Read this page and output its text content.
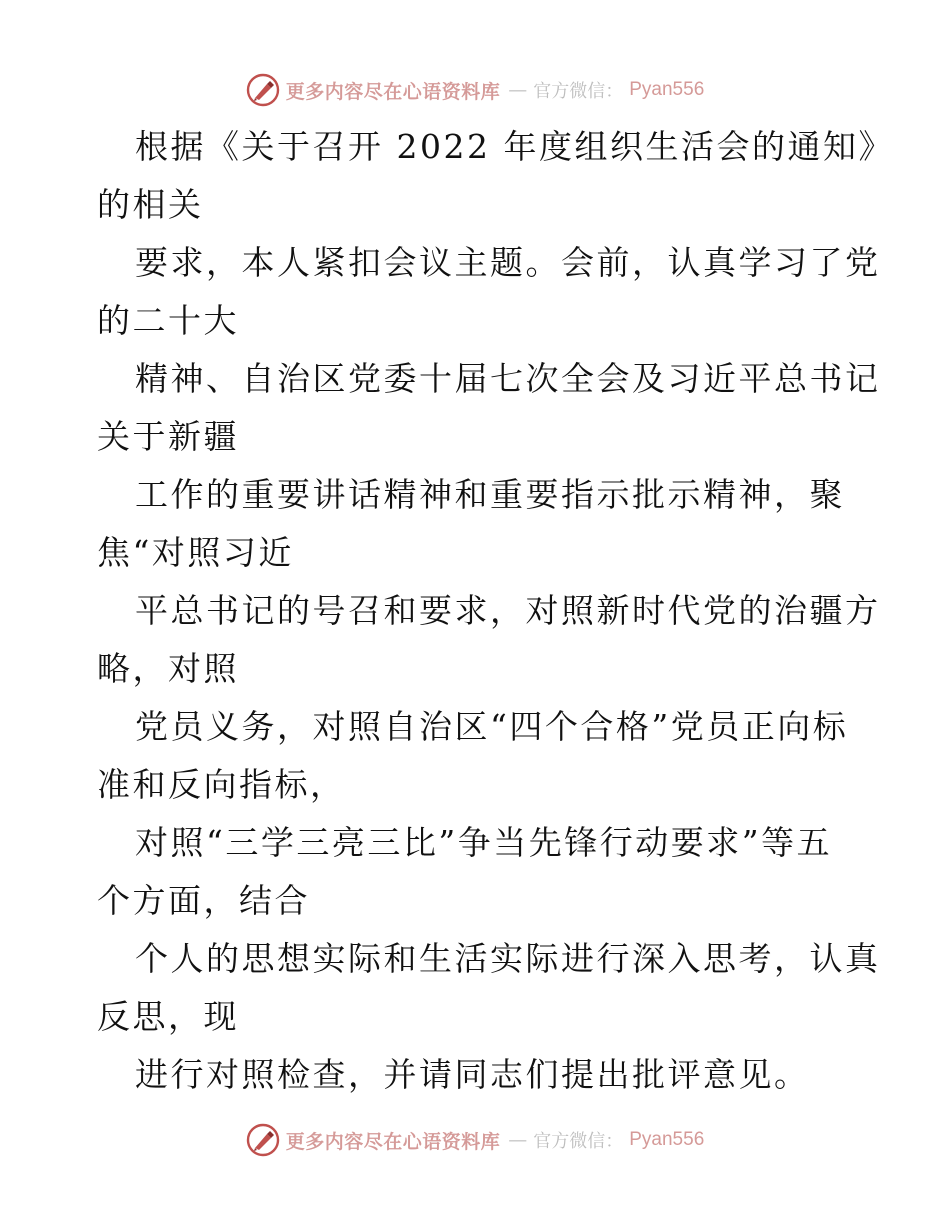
更多内容尽在心语资料库 — 官方微信： Pyan556

根据《关于召开 2022 年度组织生活会的通知》
的相关

要求，本人紧扣会议主题。会前，认真学习了党
的二十大

精神、自治区党委十届七次全会及习近平总书记
关于新疆

工作的重要讲话精神和重要指示批示精神，聚
焦“对照习近

平总书记的号召和要求，对照新时代党的治疆方
略，对照

党员义务，对照自治区“四个合格”党员正向标
准和反向指标，

对照“三学三亮三比”争当先锋行动要求”等五
个方面，结合

个人的思想实际和生活实际进行深入思考，认真
反思，现

进行对照检查，并请同志们提出批评意见。

更多内容尽在心语资料库 — 官方微信： Pyan556
